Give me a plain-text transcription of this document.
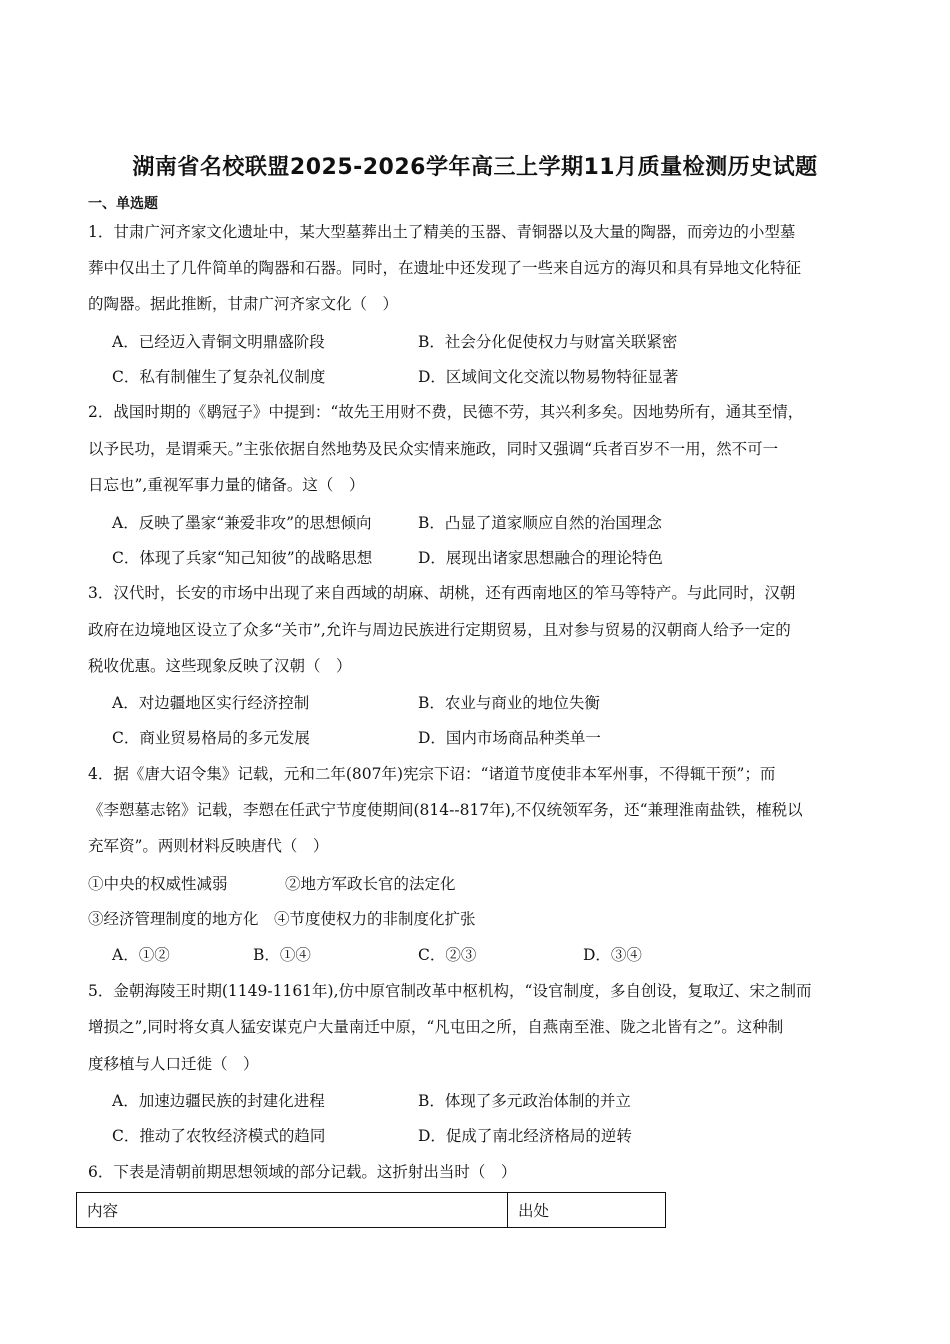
湖南省名校联盟2025-2026学年高三上学期11月质量检测历史试题
一、单选题
1．甘肃广河齐家文化遗址中，某大型墓葬出土了精美的玉器、青铜器以及大量的陶器，而旁边的小型墓
葬中仅出土了几件简单的陶器和石器。同时，在遗址中还发现了一些来自远方的海贝和具有异地文化特征
的陶器。据此推断，甘肃广河齐家文化（　）
A．已经迈入青铜文明鼎盛阶段	B．社会分化促使权力与财富关联紧密
C．私有制催生了复杂礼仪制度	D．区域间文化交流以物易物特征显著
2．战国时期的《鹖冠子》中提到：“故先王用财不费，民德不劳，其兴利多矣。因地势所有，通其至情，
以予民功，是谓乘天。”主张依据自然地势及民众实情来施政，同时又强调“兵者百岁不一用，然不可一
日忘也”,重视军事力量的储备。这（　）
A．反映了墨家“兼爱非攻”的思想倾向	B．凸显了道家顺应自然的治国理念
C．体现了兵家“知己知彼”的战略思想	D．展现出诸家思想融合的理论特色
3．汉代时，长安的市场中出现了来自西域的胡麻、胡桃，还有西南地区的笮马等特产。与此同时，汉朝
政府在边境地区设立了众多“关市”,允许与周边民族进行定期贸易，且对参与贸易的汉朝商人给予一定的
税收优惠。这些现象反映了汉朝（　）
A．对边疆地区实行经济控制	B．农业与商业的地位失衡
C．商业贸易格局的多元发展	D．国内市场商品种类单一
4．据《唐大诏令集》记载，元和二年(807年)宪宗下诏：“诸道节度使非本军州事，不得辄干预”；而
《李愬墓志铭》记载，李愬在任武宁节度使期间(814--817年),不仅统领军务，还“兼理淮南盐铁，榷税以
充军资”。两则材料反映唐代（　）
①中央的权威性减弱	②地方军政长官的法定化
③经济管理制度的地方化 ④节度使权力的非制度化扩张
A．①②	B．①④	C．②③	D．③④
5．金朝海陵王时期(1149-1161年),仿中原官制改革中枢机构，“设官制度，多自创设，复取辽、宋之制而
增损之”,同时将女真人猛安谋克户大量南迁中原，“凡屯田之所，自燕南至淮、陇之北皆有之”。这种制
度移植与人口迁徙（　）
A．加速边疆民族的封建化进程	B．体现了多元政治体制的并立
C．推动了农牧经济模式的趋同	D．促成了南北经济格局的逆转
6．下表是清朝前期思想领域的部分记载。这折射出当时（　）
内容	出处
